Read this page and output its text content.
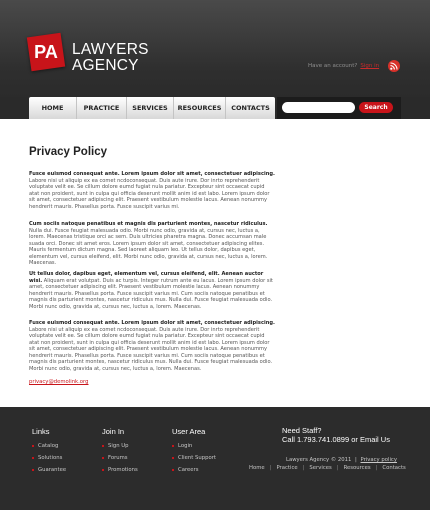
PA LAWYERS
AGENCY	Have an account? Sign in
HOME	PRACTICE	SERVICES	RESOURCES	CONTACTS	Search
Privacy Policy
Fusce euismod consequat ante. Lorem ipsum dolor sit amet, consectetuer adipiscing. Labore nisi ut aliquip ex ea comet ncdoconsequat. Duis aute irure. Dor inrto reprehenderit voluptate velit ee. Se cillum dolore eumd fugiat nula pariatur. Excepteur sint occaecat cupid atat non proident, sunt in culpa qui officia deserunt mollit anim id est labo. Lorem ipsum dolor sit amet, consectetuer adipiscing elit. Praesent vestibulum molestie lacus. Aenean nonummy hendrerit mauris. Phasellus porta. Fusce suscipit varius mi.
Cum sociis natoque penatibus et magnis dis parturient montes, nascetur ridiculus. Nulla dui. Fusce feugiat malesuada odio. Morbi nunc odio, gravida at, cursus nec, luctus a, lorem. Maecenas tristique orci ac sem. Duis ultricies pharetra magna. Donec accumsan male suada orci. Donec sit amet eros. Lorem ipsum dolor sit amet, consectetuer adipiscing elites. Mauris fermentum dictum magna. Sed laoreet aliquam leo. Ut tellus dolor, dapibus eget, elementum vel, cursus eleifend, elit. Morbi nunc odio, gravida at, cursus nec, luctus a, lorem. Maecenas.
Ut tellus dolor, dapibus eget, elementum vel, cursus eleifend, elit. Aenean auctor wisi. Aliquam erat volutpat. Duis ac turpis. Integer rutrum ante eu lacus. Lorem ipsum dolor sit amet, consectetuer adipiscing elit. Praesent vestibulum molestie lacus. Aenean nonummy hendrerit mauris. Phasellus porta. Fusce suscipit varius mi. Cum sociis natoque penatibus et magnis dis parturient montes, nascetur ridiculus mus. Nulla dui. Fusce feugiat malesuada odio. Morbi nunc odio, gravida at, cursus nec, luctus a, lorem. Maecenas.
Fusce euismod consequat ante. Lorem ipsum dolor sit amet, consectetuer adipiscing. Labore nisi ut aliquip ex ea comet ncdoconsequat. Duis aute irure. Dor inrto reprehenderit voluptate velit ee. Se cillum dolore eumd fugiat nula pariatur. Excepteur sint occaecat cupid atat non proident, sunt in culpa qui officia deserunt mollit anim id est labo. Lorem ipsum dolor sit amet, consectetuer adipiscing elit. Praesent vestibulum molestie lacus. Aenean nonummy hendrerit mauris. Phasellus porta. Fusce suscipit varius mi. Cum sociis natoque penatibus et magnis dis parturient montes, nascetur ridiculus mus. Nulla dui. Fusce feugiat malesuada odio. Morbi nunc odio, gravida at, cursus nec, luctus a, lorem. Maecenas.
privacy@demolink.org
Links
Catalog
Solutions
Guarantee
Join In
Sign Up
Forums
Promotions
User Area
Login
Client Support
Careers
Need Staff?
Call 1.793.741.0899 or Email Us
Lawyers Agency © 2011 | Privacy policy
Home | Practice | Services | Resources | Contacts
